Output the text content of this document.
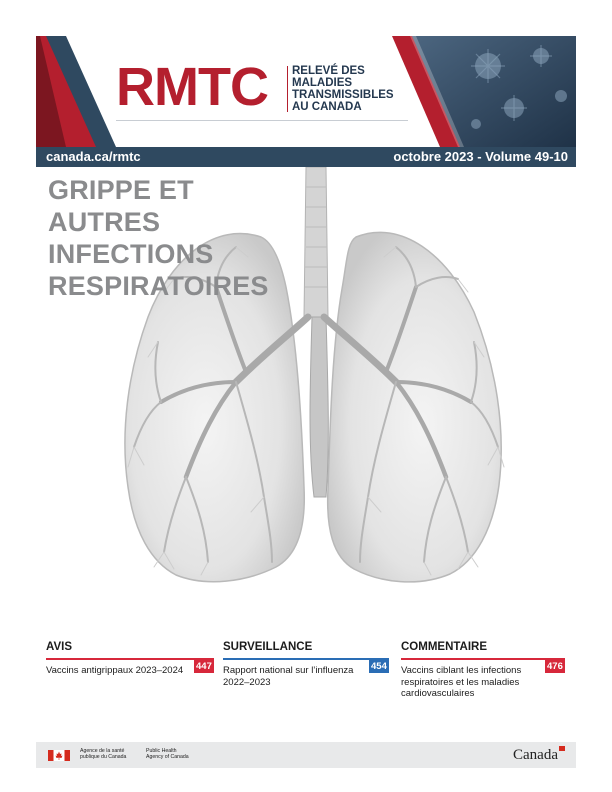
RMTC RELEVÉ DES
MALADIES
TRANSMISSIBLES
AU CANADA
canada.ca/rmtc	octobre 2023 - Volume 49-10
GRIPPE ET
AUTRES
INFECTIONS
RESPIRATOIRES
AVIS
447
Vaccins antigrippaux 2023–2024
SURVEILLANCE
454
Rapport national sur l’influenza
2022–2023
COMMENTAIRE
476
Vaccins ciblant les infections
respiratoires et les maladies
cardiovasculaires
Agence de la santé
publique du Canada
Public Health
Agency of Canada	Canada
